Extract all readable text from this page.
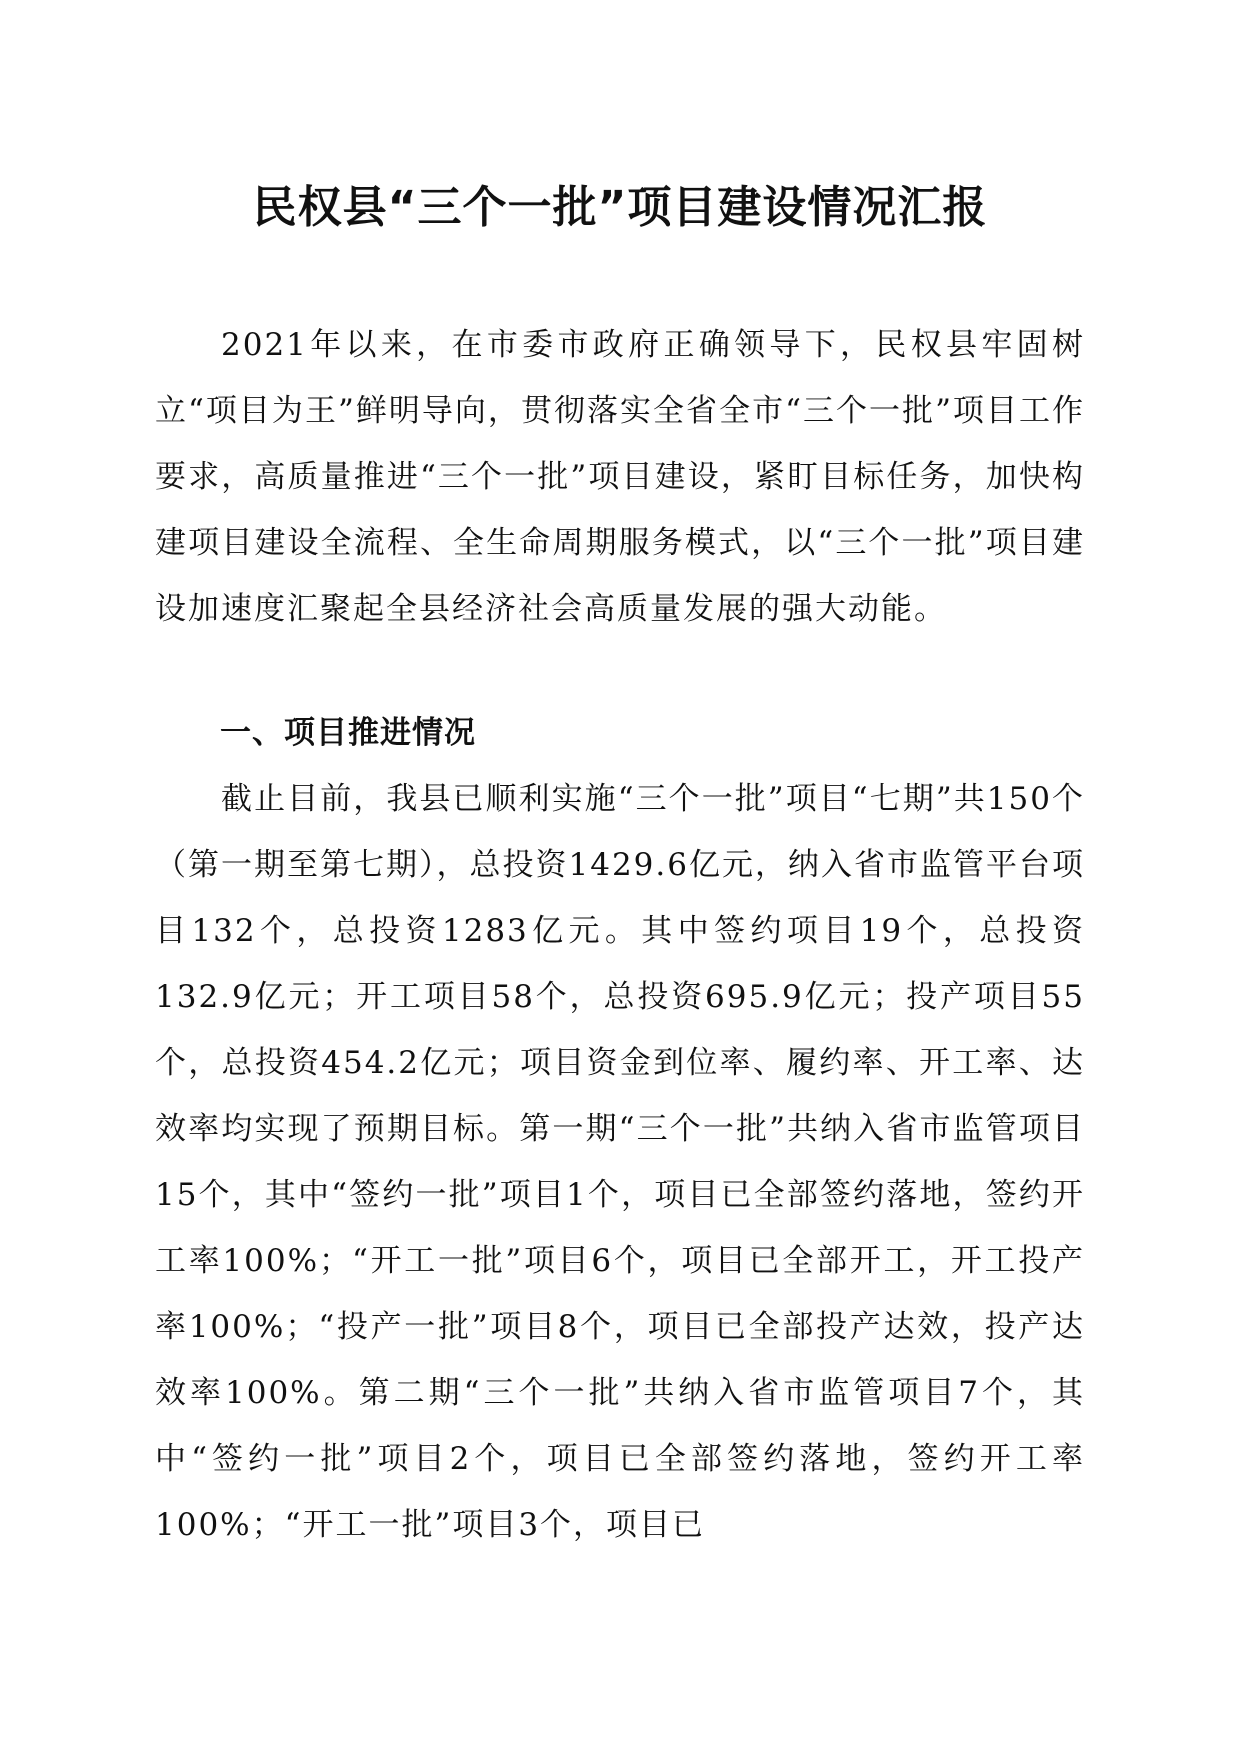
民权县“三个一批”项目建设情况汇报

2021年以来，在市委市政府正确领导下，民权县牢固树立“项目为王”鲜明导向，贯彻落实全省全市“三个一批”项目工作要求，高质量推进“三个一批”项目建设，紧盯目标任务，加快构建项目建设全流程、全生命周期服务模式，以“三个一批”项目建设加速度汇聚起全县经济社会高质量发展的强大动能。

一、项目推进情况

截止目前，我县已顺利实施“三个一批”项目“七期”共150个（第一期至第七期），总投资1429.6亿元，纳入省市监管平台项目132个，总投资1283亿元。其中签约项目19个，总投资132.9亿元；开工项目58个，总投资695.9亿元；投产项目55个，总投资454.2亿元；项目资金到位率、履约率、开工率、达效率均实现了预期目标。第一期“三个一批”共纳入省市监管项目15个，其中“签约一批”项目1个，项目已全部签约落地，签约开工率100%；“开工一批”项目6个，项目已全部开工，开工投产率100%；“投产一批”项目8个，项目已全部投产达效，投产达效率100%。第二期“三个一批”共纳入省市监管项目7个，其中“签约一批”项目2个，项目已全部签约落地，签约开工率100%；“开工一批”项目3个，项目已
